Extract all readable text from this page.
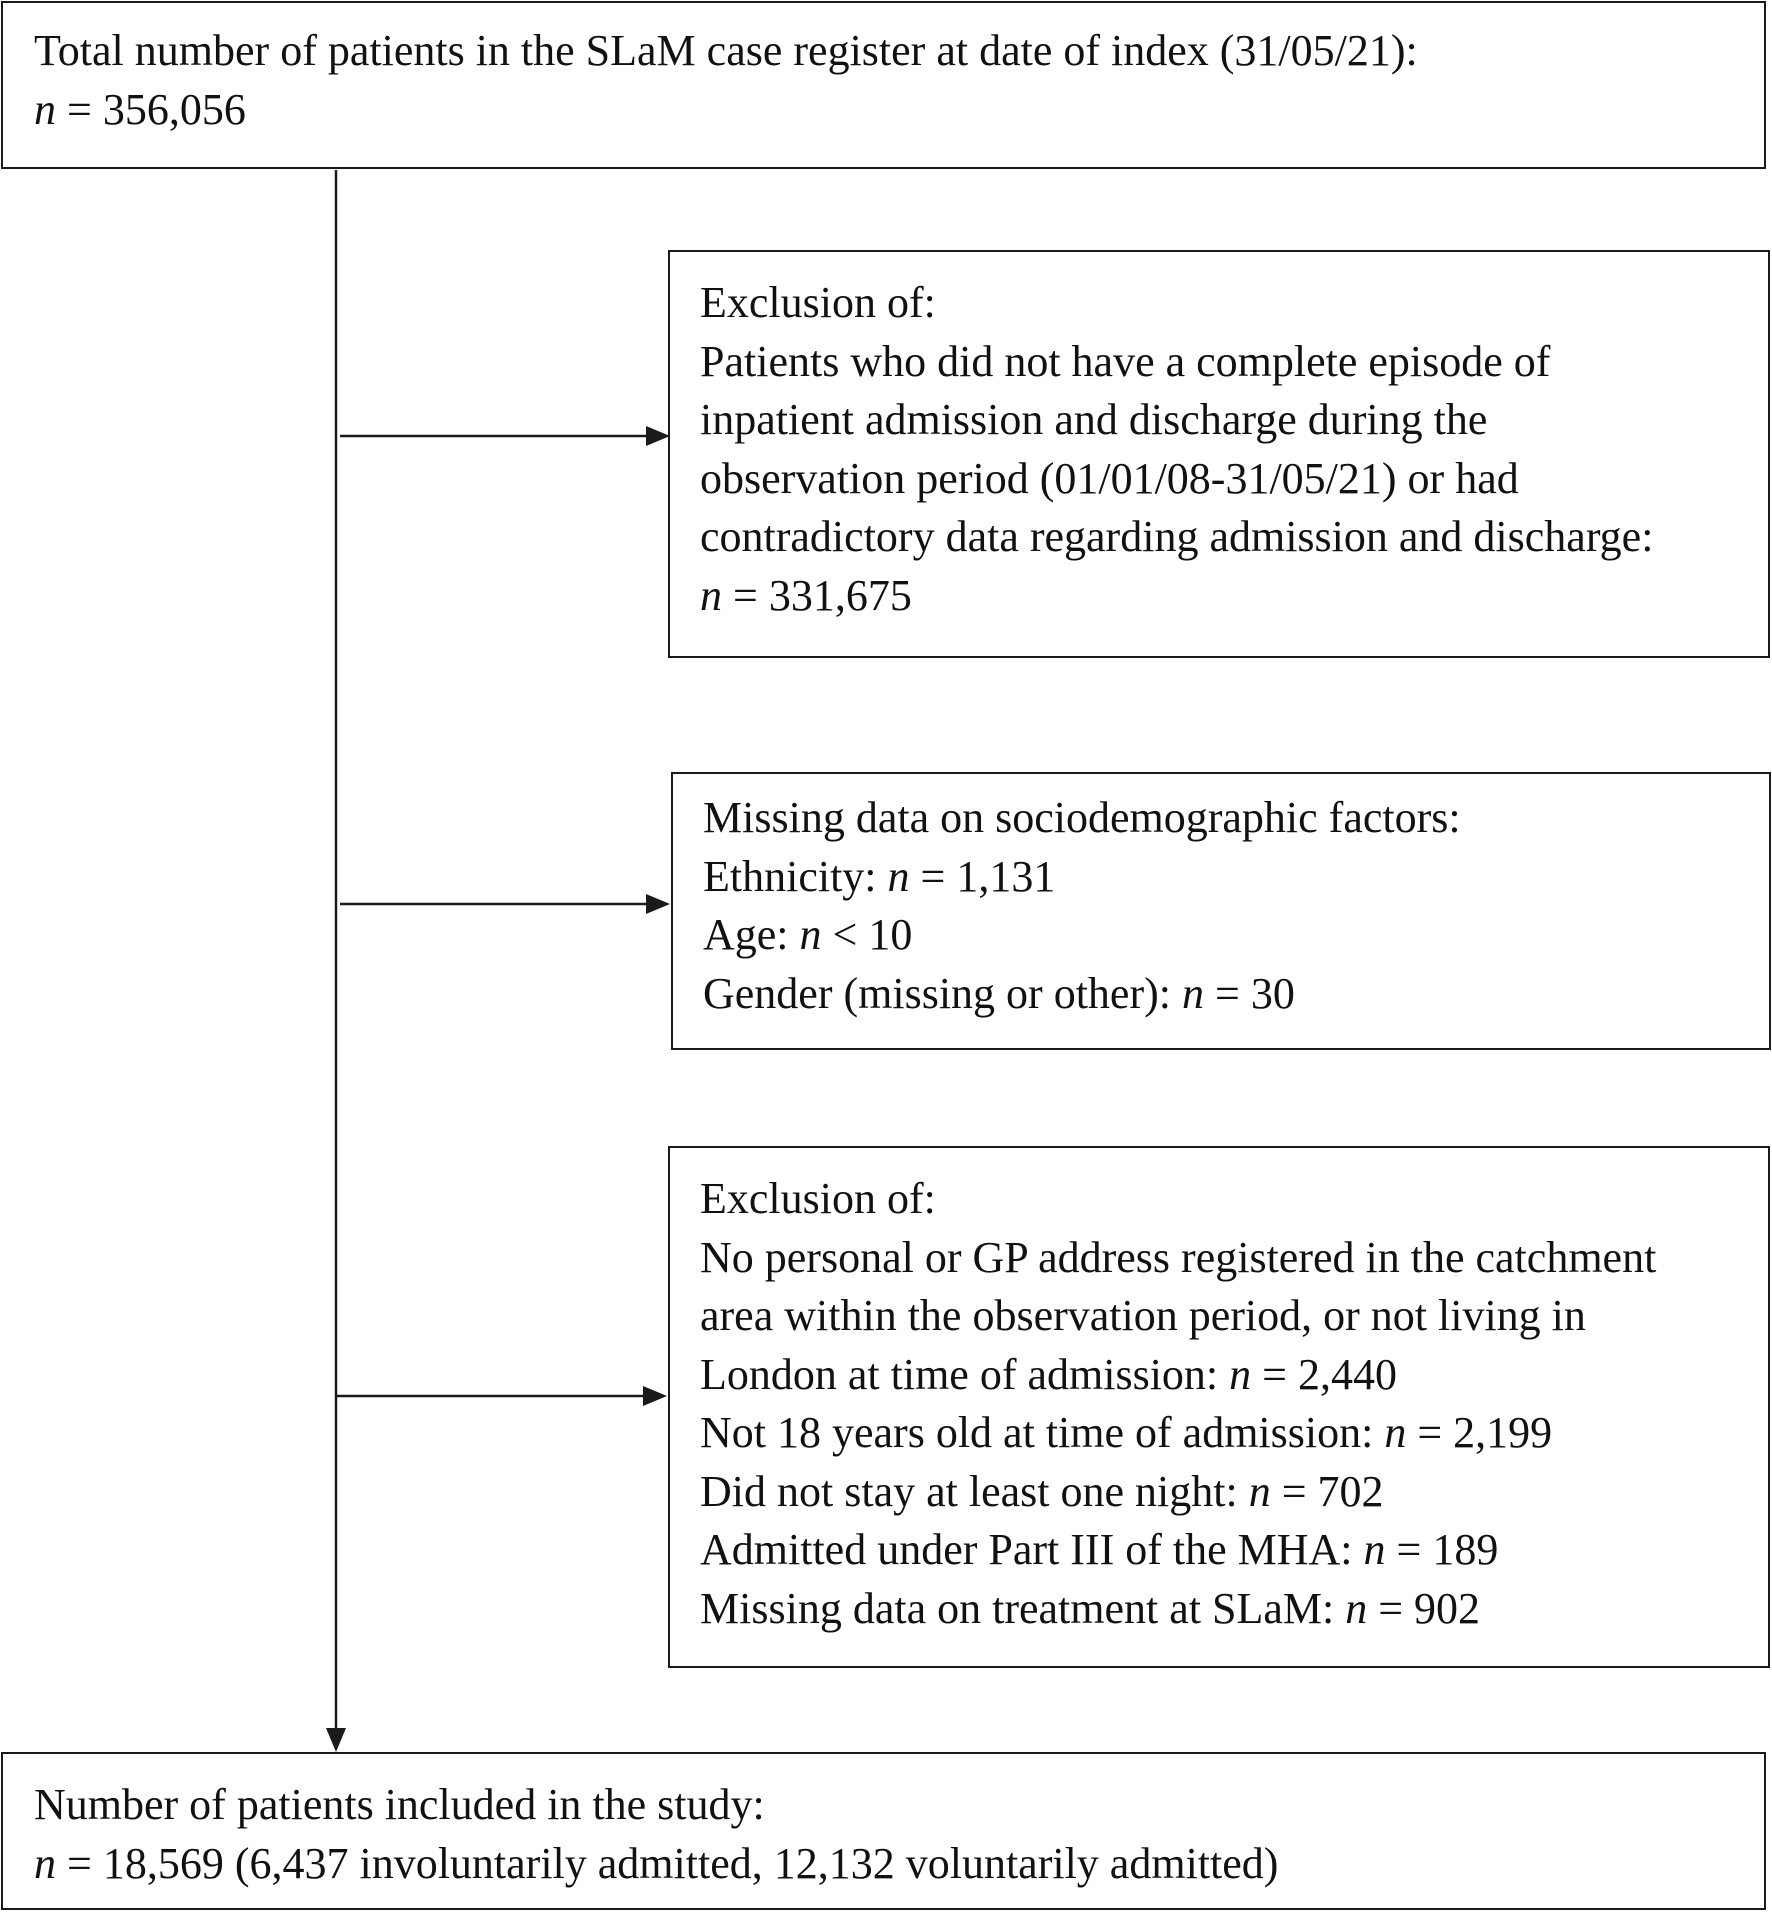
Total number of patients in the SLaM case register at date of index (31/05/21):
n = 356,056
Exclusion of:
Patients who did not have a complete episode of
inpatient admission and discharge during the
observation period (01/01/08-31/05/21) or had
contradictory data regarding admission and discharge:
n = 331,675
Missing data on sociodemographic factors:
Ethnicity: n = 1,131
Age: n < 10
Gender (missing or other): n = 30
Exclusion of:
No personal or GP address registered in the catchment
area within the observation period, or not living in
London at time of admission: n = 2,440
Not 18 years old at time of admission: n = 2,199
Did not stay at least one night: n = 702
Admitted under Part III of the MHA: n = 189
Missing data on treatment at SLaM: n = 902
Number of patients included in the study:
n = 18,569 (6,437 involuntarily admitted, 12,132 voluntarily admitted)
